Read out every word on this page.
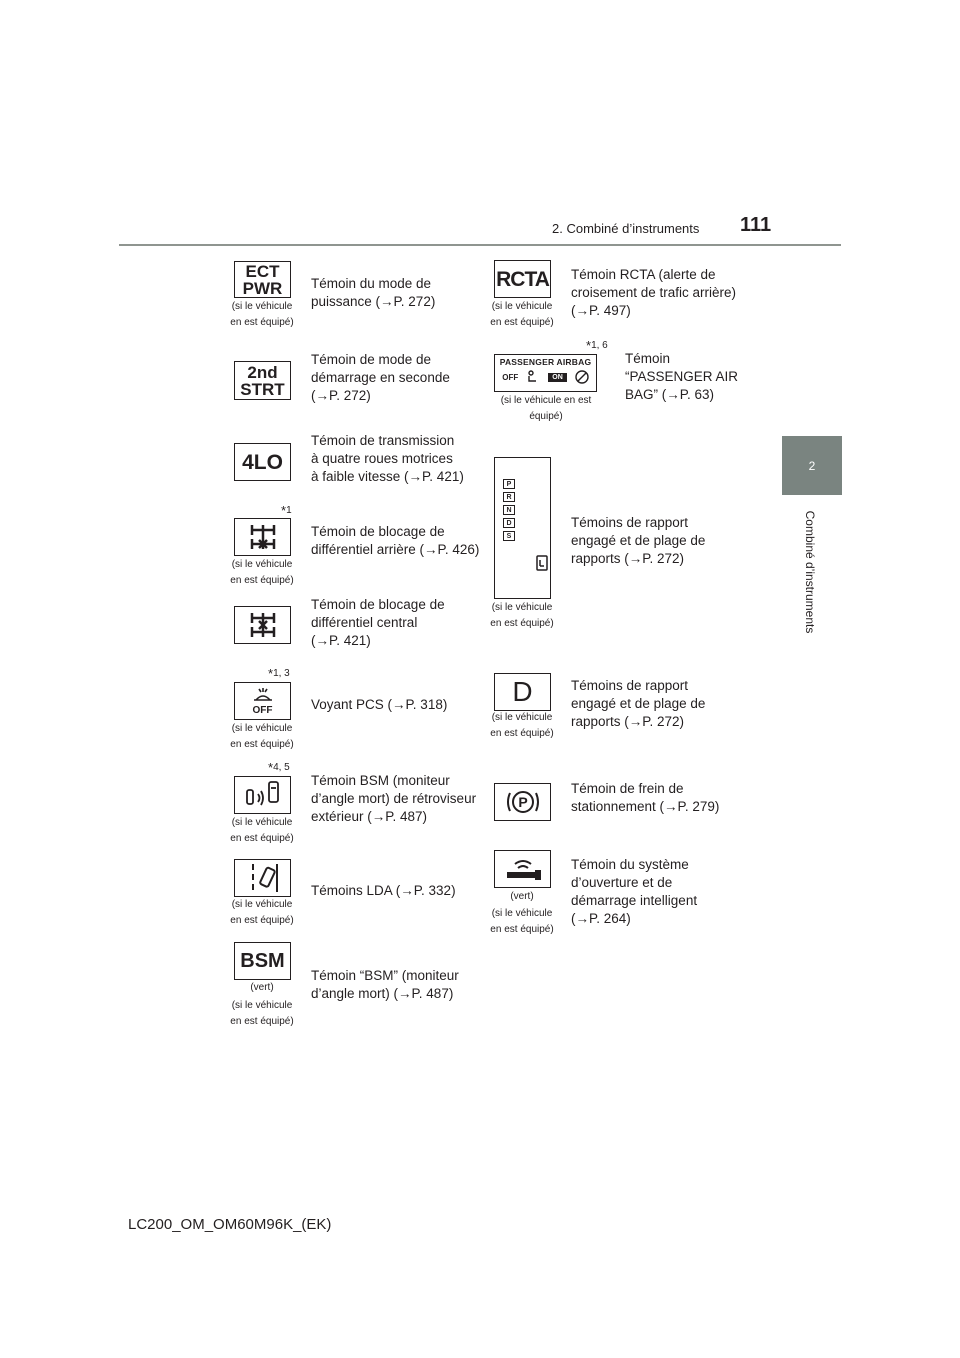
2. Combiné d’instruments 111
2
Combiné d’instruments
ECT
PWR
(si le véhicule
en est équipé)
Témoin du mode de
puissance (→P. 272)
2nd
STRT
Témoin de mode de
démarrage en seconde
(→P. 272)
4LO
Témoin de transmission
à quatre roues motrices
à faible vitesse (→P. 421)
*1
(si le véhicule
en est équipé)
Témoin de blocage de
différentiel arrière (→P. 426)
Témoin de blocage de
différentiel central
(→P. 421)
*1, 3
OFF
(si le véhicule
en est équipé)
Voyant PCS (→P. 318)
*4, 5
(si le véhicule
en est équipé)
Témoin BSM (moniteur
d’angle mort) de rétroviseur
extérieur (→P. 487)
(si le véhicule
en est équipé)
Témoins LDA (→P. 332)
BSM
(vert)
(si le véhicule
en est équipé)
Témoin “BSM” (moniteur
d’angle mort) (→P. 487)
RCTA
(si le véhicule
en est équipé)
Témoin RCTA (alerte de
croisement de trafic arrière)
(→P. 497)
*1, 6
PASSENGER AIRBAG
OFF	ON
(si le véhicule en est
équipé)
Témoin
“PASSENGER AIR
BAG” (→P. 63)
P
R
N
D
S
(si le véhicule
en est équipé)
Témoins de rapport
engagé et de plage de
rapports (→P. 272)
D
(si le véhicule
en est équipé)
Témoins de rapport
engagé et de plage de
rapports (→P. 272)
P
Témoin de frein de
stationnement (→P. 279)
(vert)
(si le véhicule
en est équipé)
Témoin du système
d’ouverture et de
démarrage intelligent
(→P. 264)
LC200_OM_OM60M96K_(EK)
